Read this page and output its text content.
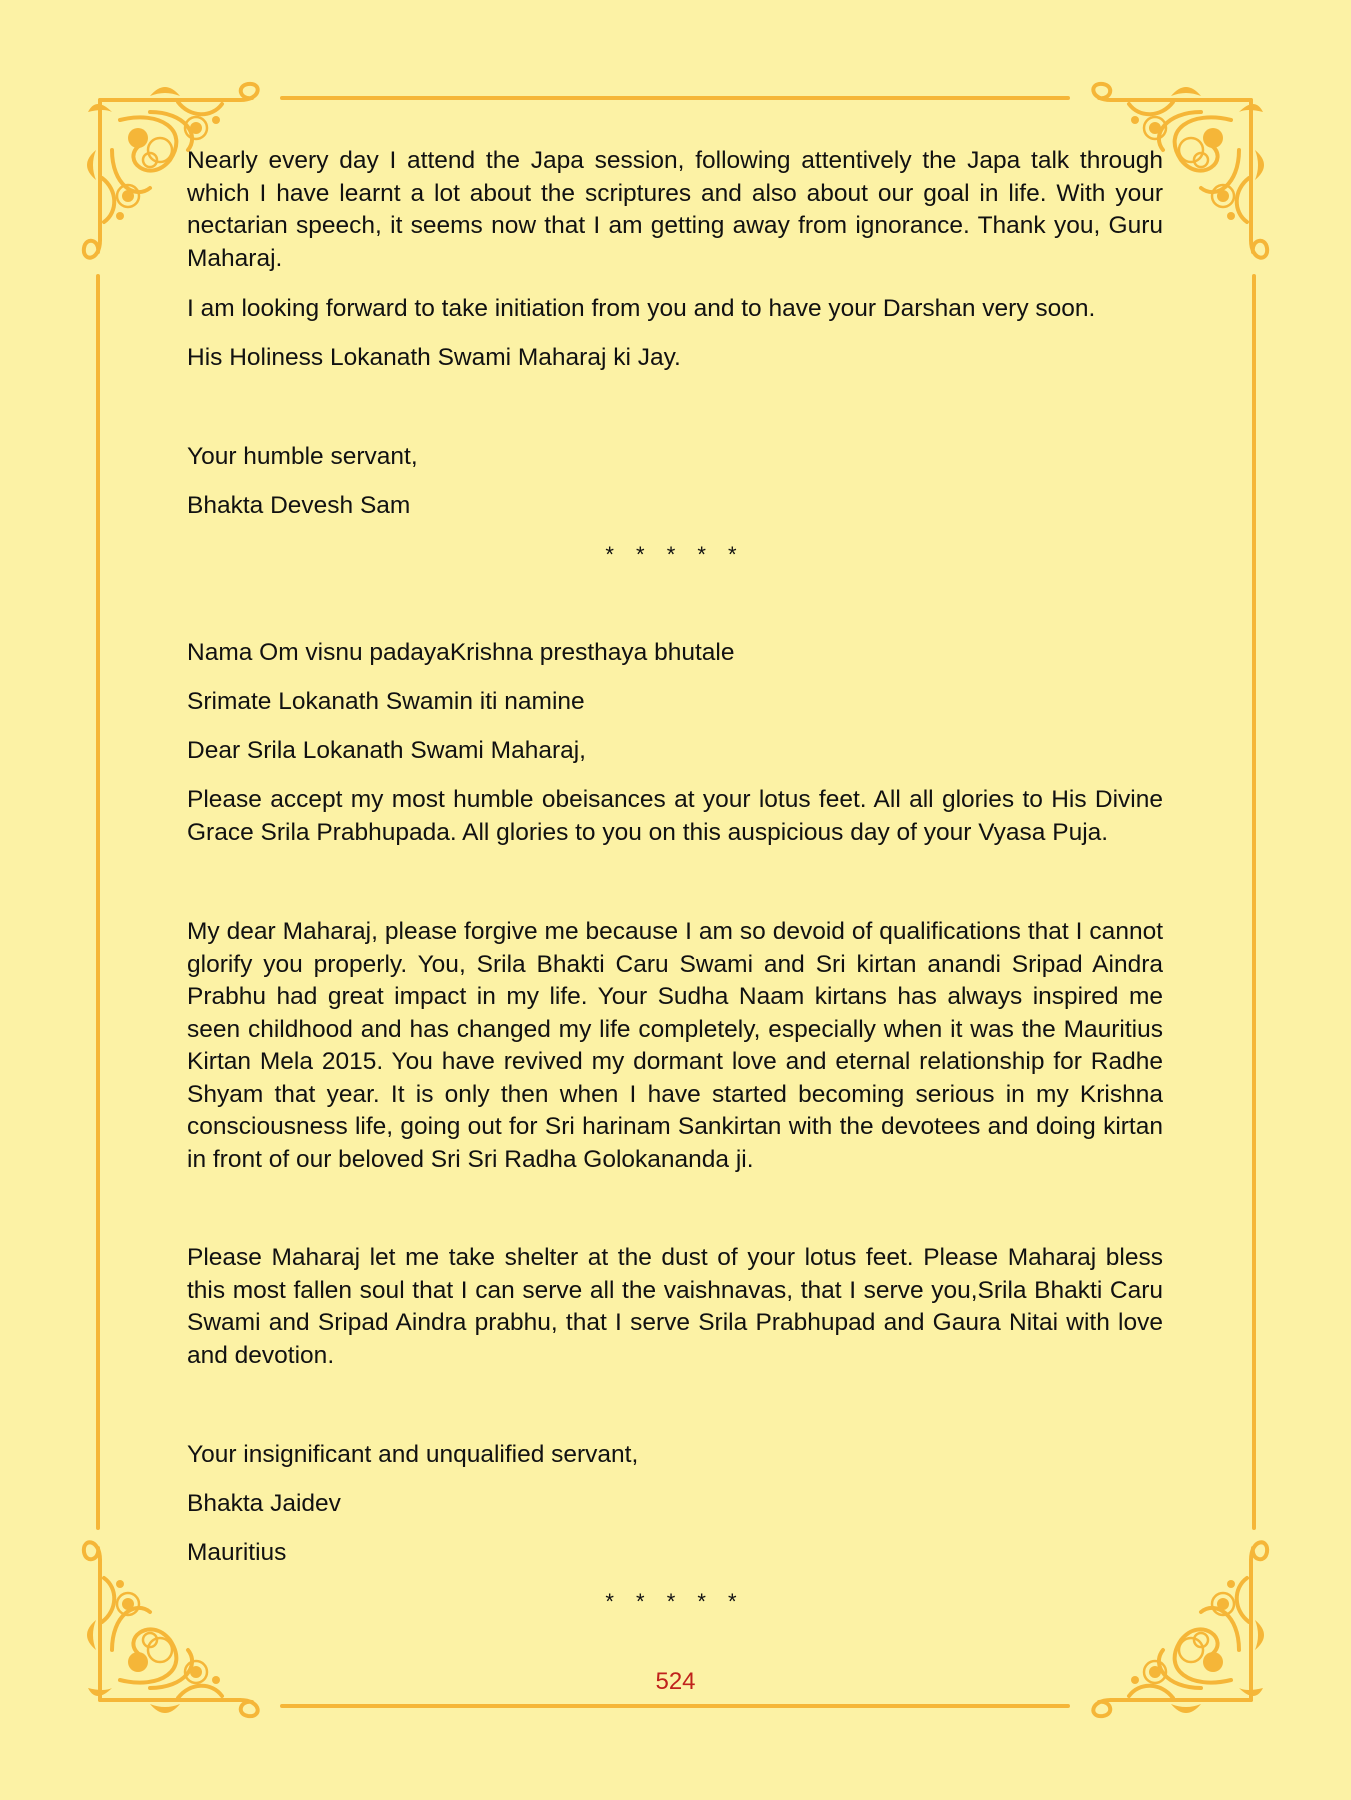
Nearly every day I attend the Japa session, following attentively the Japa talk through which I have learnt a lot about the scriptures and also about our goal in life. With your nectarian speech, it seems now that I am getting away from ignorance. Thank you, Guru Maharaj.

I am looking forward to take initiation from you and to have your Darshan very soon.

His Holiness Lokanath Swami Maharaj ki Jay.

Your humble servant,

Bhakta Devesh Sam

* * * * *

Nama Om visnu padayaKrishna presthaya bhutale

Srimate Lokanath Swamin iti namine

Dear Srila Lokanath Swami Maharaj,

Please accept my most humble obeisances at your lotus feet. All all glories to His Divine Grace Srila Prabhupada. All glories to you on this auspicious day of your Vyasa Puja.

My dear Maharaj, please forgive me because I am so devoid of qualifications that I cannot glorify you properly. You, Srila Bhakti Caru Swami and Sri kirtan anandi Sripad Aindra Prabhu had great impact in my life. Your Sudha Naam kirtans has always inspired me seen childhood and has changed my life completely, especially when it was the Mauritius Kirtan Mela 2015. You have revived my dormant love and eternal relationship for Radhe Shyam that year. It is only then when I have started becoming serious in my Krishna consciousness life, going out for Sri harinam Sankirtan with the devotees and doing kirtan in front of our beloved Sri Sri Radha Golokananda ji.

Please Maharaj let me take shelter at the dust of your lotus feet. Please Maharaj bless this most fallen soul that I can serve all the vaishnavas, that I serve you,Srila Bhakti Caru Swami and Sripad Aindra prabhu, that I serve Srila Prabhupad and Gaura Nitai with love and devotion.

Your insignificant and unqualified servant,

Bhakta Jaidev

Mauritius

* * * * *
524
